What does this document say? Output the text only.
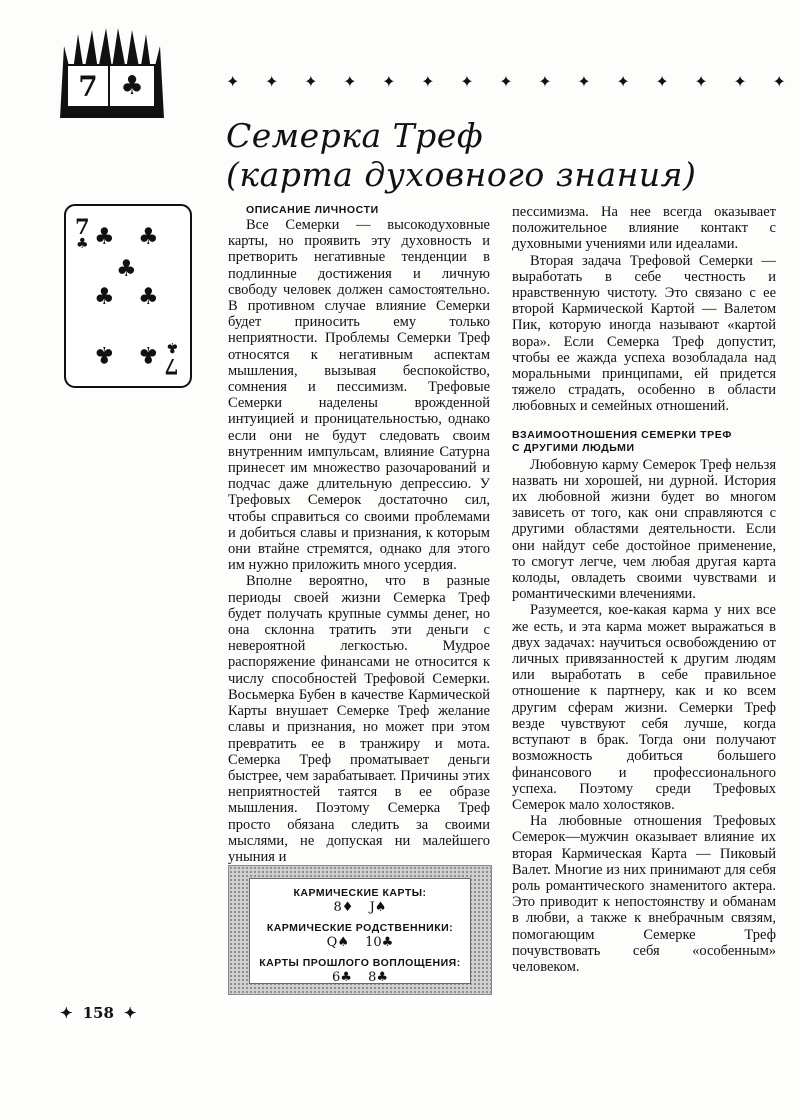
7 ♣	✦ ✦ ✦ ✦ ✦ ✦ ✦ ✦ ✦ ✦ ✦ ✦ ✦ ✦ ✦
Семерка Треф
(карта духовного знания)
7
♣ ♣ ♣
♣
♣ ♣
♣ ♣ 7
♣

ОПИСАНИЕ ЛИЧНОСТИ

Все Семерки — высокодуховные карты, но проявить эту духовность и претворить негативные тенденции в подлинные достижения и личную свободу человек должен самостоятельно. В противном случае влияние Семерки будет приносить ему только неприятности. Проблемы Семерки Треф относятся к негативным аспектам мышления, вызывая беспокойство, сомнения и пессимизм. Трефовые Семерки наделены врожденной интуицией и проницательностью, однако если они не будут следовать своим внутренним импульсам, влияние Сатурна принесет им множество разочарований и подчас даже длительную депрессию. У Трефовых Семерок достаточно сил, чтобы справиться со своими проблемами и добиться славы и признания, к которым они втайне стремятся, однако для этого им нужно приложить много усердия.

Вполне вероятно, что в разные периоды своей жизни Семерка Треф будет получать крупные суммы денег, но она склонна тратить эти деньги с невероятной легкостью. Мудрое распоряжение финансами не относится к числу способностей Трефовой Семерки. Восьмерка Бубен в качестве Кармической Карты внушает Семерке Треф желание славы и признания, но может при этом превратить ее в транжиру и мота. Семерка Треф проматывает деньги быстрее, чем зарабатывает. Причины этих неприятностей таятся в ее образе мышления. Поэтому Семерка Треф просто обязана следить за своими мыслями, не допуская ни малейшего уныния и

пессимизма. На нее всегда оказывает положительное влияние контакт с духовными учениями или идеалами.

Вторая задача Трефовой Семерки — выработать в себе честность и нравственную чистоту. Это связано с ее второй Кармической Картой — Валетом Пик, которую иногда называют «картой вора». Если Семерка Треф допустит, чтобы ее жажда успеха возобладала над моральными принципами, ей придется тяжело страдать, особенно в области любовных и семейных отношений.

ВЗАИМООТНОШЕНИЯ СЕМЕРКИ ТРЕФ
С ДРУГИМИ ЛЮДЬМИ

Любовную карму Семерок Треф нельзя назвать ни хорошей, ни дурной. История их любовной жизни будет во многом зависеть от того, как они справляются с другими областями деятельности. Если они найдут себе достойное применение, то смогут легче, чем любая другая карта колоды, овладеть своими чувствами и романтическими влечениями.

Разумеется, кое-какая карма у них все же есть, и эта карма может выражаться в двух задачах: научиться освобождению от личных привязанностей к другим людям или выработать в себе правильное отношение к партнеру, как и ко всем другим сферам жизни. Семерки Треф везде чувствуют себя лучше, когда вступают в брак. Тогда они получают возможность добиться большего финансового и профессионального успеха. Поэтому среди Трефовых Семерок мало холостяков.

На любовные отношения Трефовых Семерок—мужчин оказывает влияние их вторая Кармическая Карта — Пиковый Валет. Многие из них принимают для себя роль романтического знаменитого актера. Это приводит к непостоянству и обманам в любви, а также к внебрачным связям, помогающим Семерке Треф почувствовать себя «особенным» человеком.

КАРМИЧЕСКИЕ КАРТЫ:
8♦ J♠
КАРМИЧЕСКИЕ РОДСТВЕННИКИ:
Q♠ 10♣
КАРТЫ ПРОШЛОГО ВОПЛОЩЕНИЯ:
6♣ 8♣
✦ 158 ✦
